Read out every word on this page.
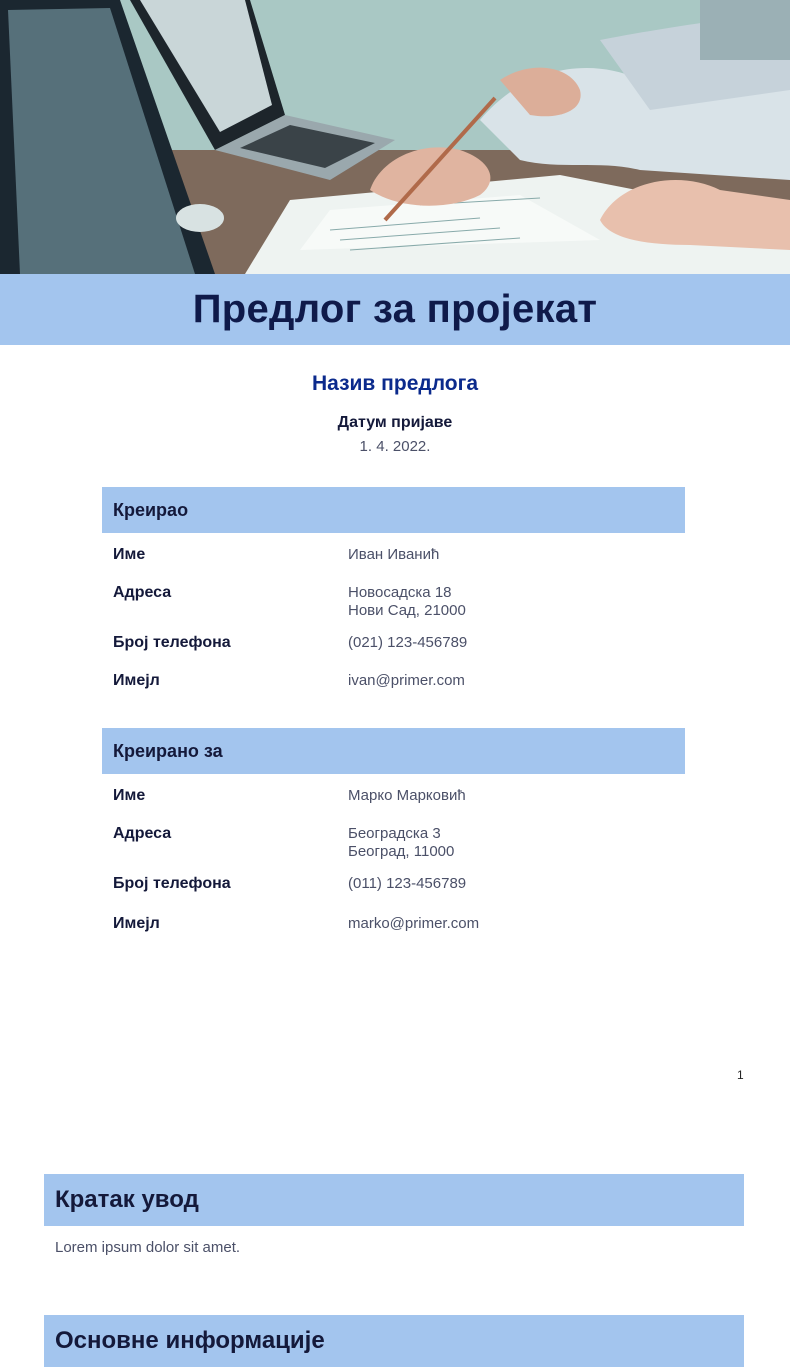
Предлог за пројекат
Назив предлога
Датум пријаве
1. 4. 2022.
Креирао
Име	Иван Иванић
Адреса	Новосадска 18
Нови Сад, 21000
Број телефона	(021) 123-456789
Имејл	ivan@primer.com
Креирано за
Име	Марко Марковић
Адреса	Београдска 3
Београд, 11000
Број телефона	(011) 123-456789
Имејл	marko@primer.com
1
Кратак увод
Lorem ipsum dolor sit amet.
Основне информације
